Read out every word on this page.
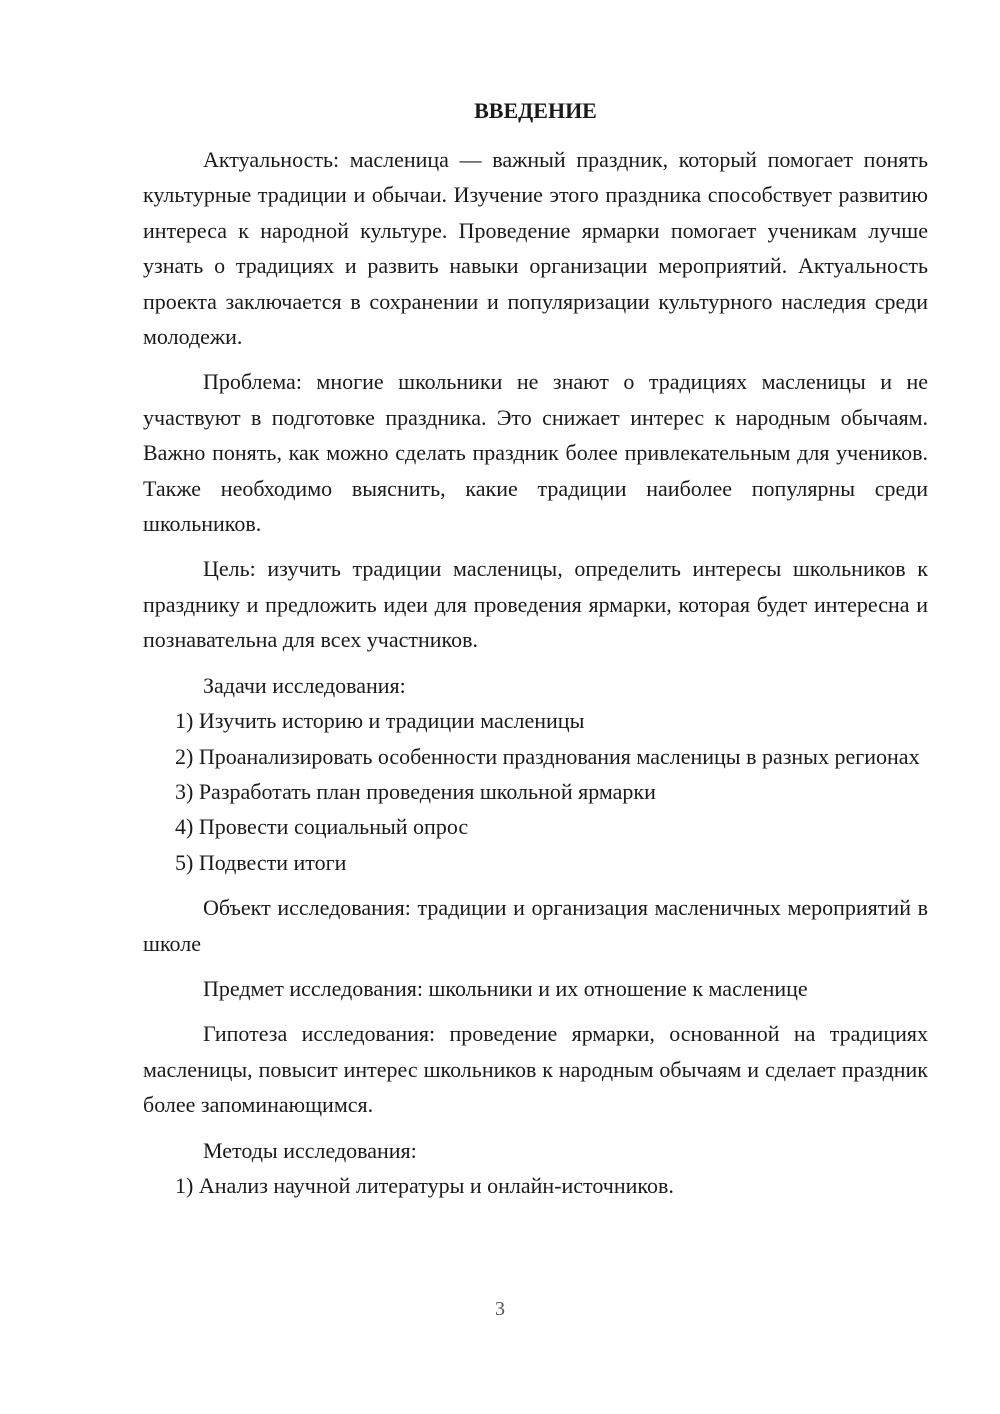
ВВЕДЕНИЕ

Актуальность: масленица — важный праздник, который помогает понять культурные традиции и обычаи. Изучение этого праздника способствует развитию интереса к народной культуре. Проведение ярмарки помогает ученикам лучше узнать о традициях и развить навыки организации мероприятий. Актуальность проекта заключается в сохранении и популяризации культурного наследия среди молодежи.

Проблема: многие школьники не знают о традициях масленицы и не участвуют в подготовке праздника. Это снижает интерес к народным обычаям. Важно понять, как можно сделать праздник более привлекательным для учеников. Также необходимо выяснить, какие традиции наиболее популярны среди школьников.

Цель: изучить традиции масленицы, определить интересы школьников к празднику и предложить идеи для проведения ярмарки, которая будет интересна и познавательна для всех участников.

Задачи исследования:

1) Изучить историю и традиции масленицы

2) Проанализировать особенности празднования масленицы в разных регионах

3) Разработать план проведения школьной ярмарки

4) Провести социальный опрос

5) Подвести итоги

Объект исследования: традиции и организация масленичных мероприятий в школе

Предмет исследования: школьники и их отношение к масленице

Гипотеза исследования: проведение ярмарки, основанной на традициях масленицы, повысит интерес школьников к народным обычаям и сделает праздник более запоминающимся.

Методы исследования:

1) Анализ научной литературы и онлайн-источников.

3
